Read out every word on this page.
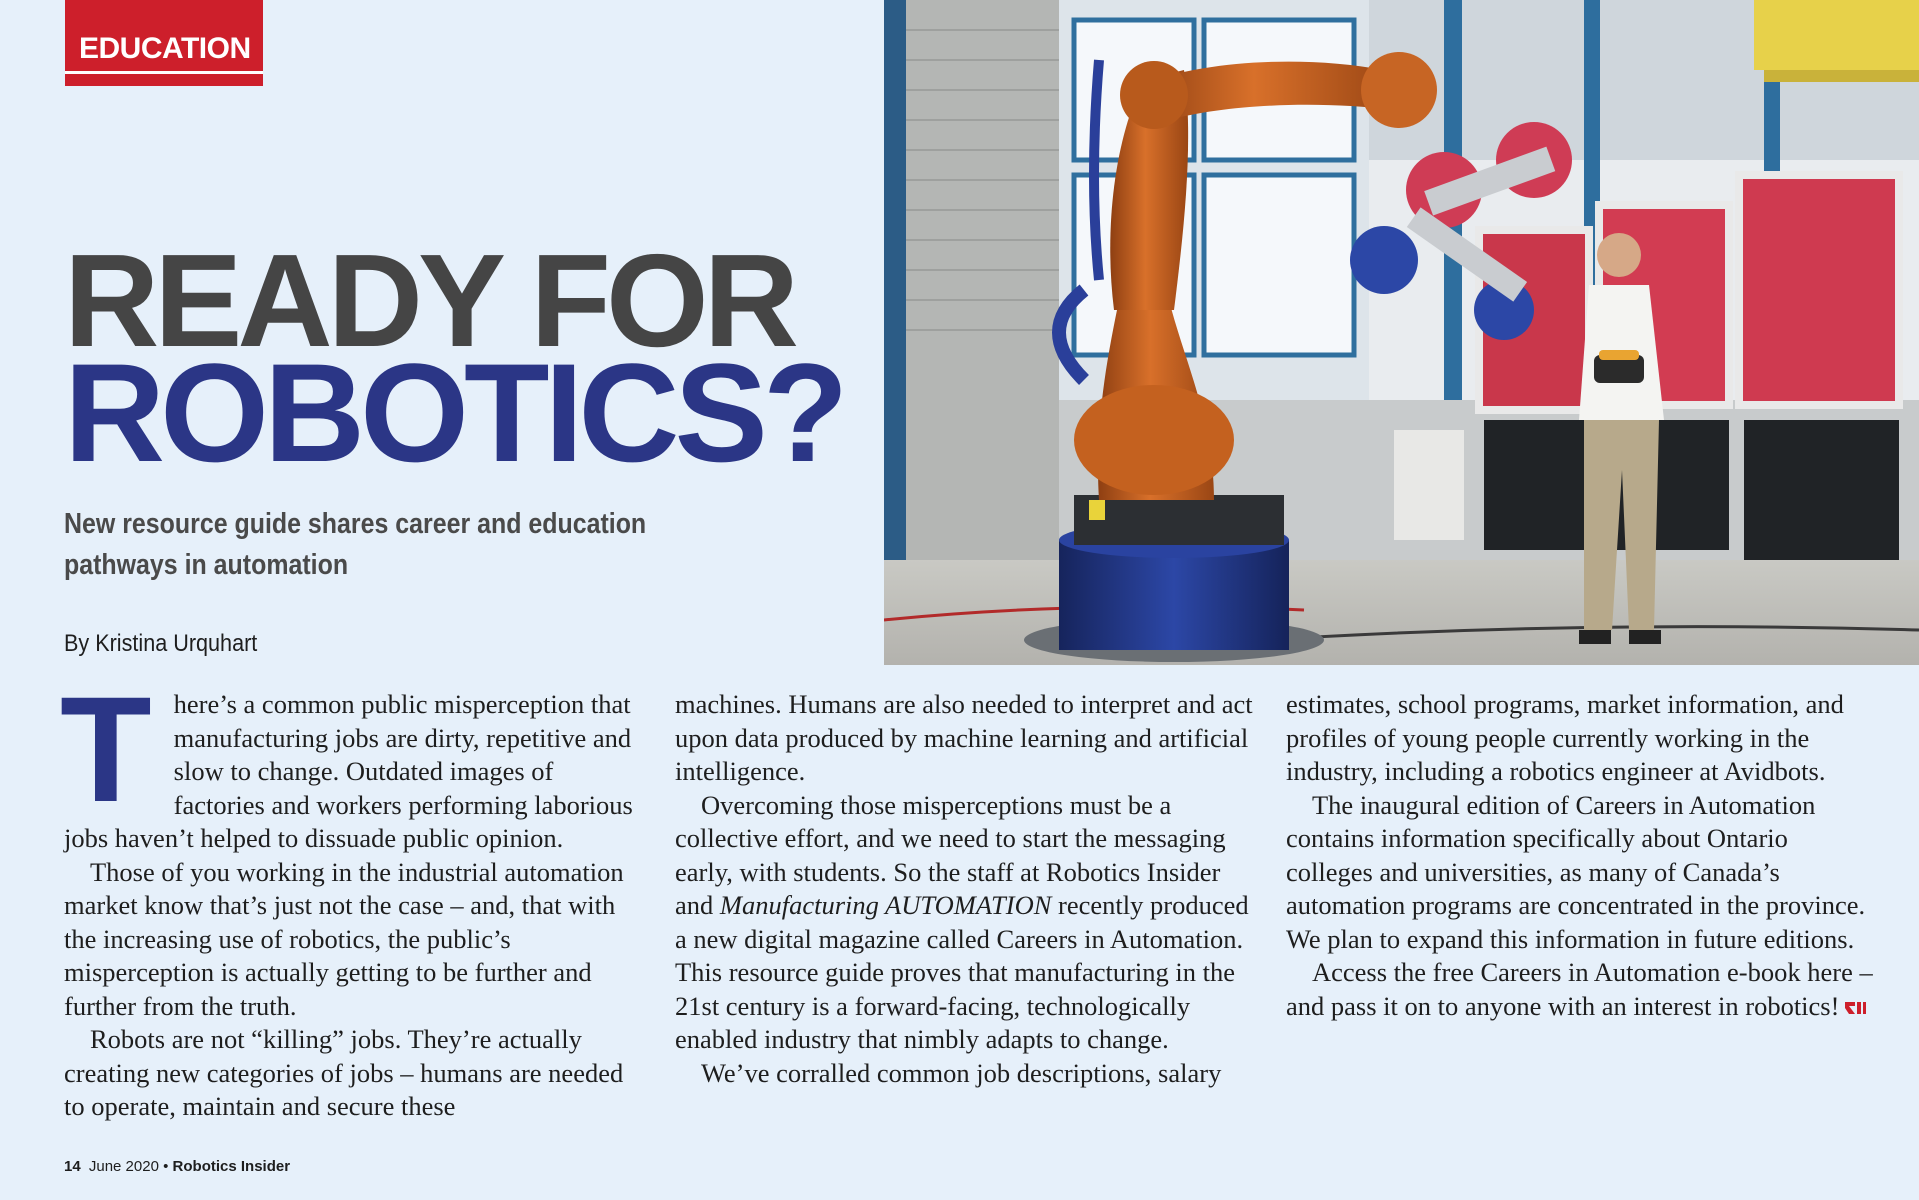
EDUCATION
READY FOR
ROBOTICS?
New resource guide shares career and education pathways in automation
By Kristina Urquhart

There’s a common public misperception that manufacturing jobs are dirty, repetitive and slow to change. Outdated images of factories and workers performing laborious jobs haven’t helped to dissuade public opinion.

Those of you working in the industrial automation market know that’s just not the case – and, that with the increasing use of robotics, the public’s misperception is actually getting to be further and further from the truth.

Robots are not “killing” jobs. They’re actually creating new categories of jobs – humans are needed to operate, maintain and secure these

machines. Humans are also needed to interpret and act upon data produced by machine learning and artificial intelligence.

Overcoming those misperceptions must be a collective effort, and we need to start the messaging early, with students. So the staff at Robotics Insider and Manufacturing AUTOMATION recently produced a new digital magazine called Careers in Automation. This resource guide proves that manufacturing in the 21st century is a forward-facing, technologically enabled industry that nimbly adapts to change.

We’ve corralled common job descriptions, salary

estimates, school programs, market information, and profiles of young people currently working in the industry, including a robotics engineer at Avidbots.

The inaugural edition of Careers in Automation contains information specifically about Ontario colleges and universities, as many of Canada’s automation programs are concentrated in the province. We plan to expand this information in future editions.

Access the free Careers in Automation e-book here – and pass it on to anyone with an interest in robotics!

14 June 2020 • Robotics Insider
